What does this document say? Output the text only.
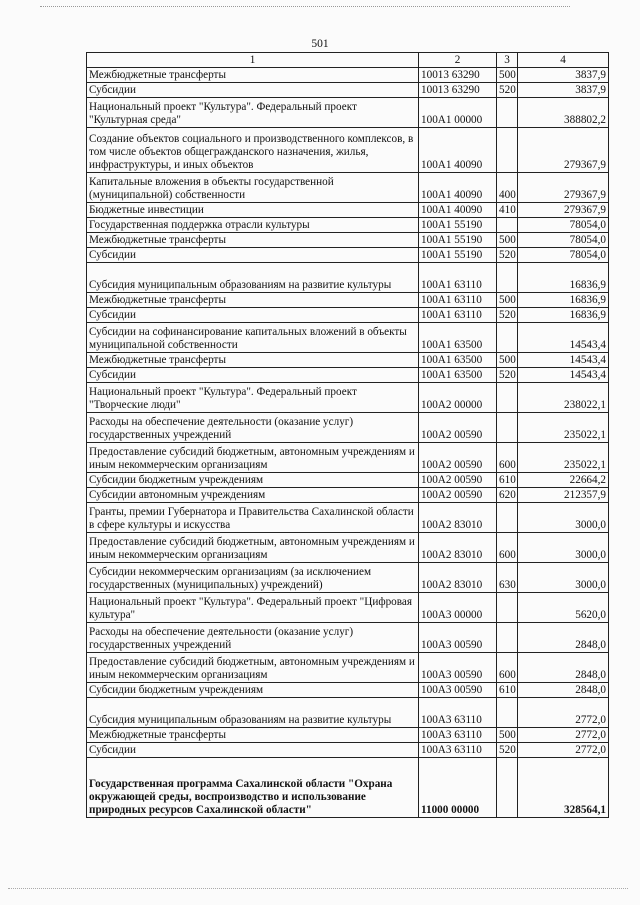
501
1	2	3	4
Межбюджетные трансферты	10013 63290	500	3837,9
Субсидии	10013 63290	520	3837,9
Национальный проект "Культура". Федеральный проект "Культурная среда"	100А1 00000		388802,2
Создание объектов социального и производственного комплексов, в том числе объектов общегражданского назначения, жилья, инфраструктуры, и иных объектов	100А1 40090		279367,9
Капитальные вложения в объекты государственной (муниципальной) собственности	100А1 40090	400	279367,9
Бюджетные инвестиции	100А1 40090	410	279367,9
Государственная поддержка отрасли культуры	100А1 55190		78054,0
Межбюджетные трансферты	100А1 55190	500	78054,0
Субсидии	100А1 55190	520	78054,0
Субсидия муниципальным образованиям на развитие культуры	100А1 63110		16836,9
Межбюджетные трансферты	100А1 63110	500	16836,9
Субсидии	100А1 63110	520	16836,9
Субсидии на софинансирование капитальных вложений в объекты муниципальной собственности	100А1 63500		14543,4
Межбюджетные трансферты	100А1 63500	500	14543,4
Субсидии	100А1 63500	520	14543,4
Национальный проект "Культура". Федеральный проект "Творческие люди"	100А2 00000		238022,1
Расходы на обеспечение деятельности (оказание услуг) государственных учреждений	100А2 00590		235022,1
Предоставление субсидий бюджетным, автономным учреждениям и иным некоммерческим организациям	100А2 00590	600	235022,1
Субсидии бюджетным учреждениям	100А2 00590	610	22664,2
Субсидии автономным учреждениям	100А2 00590	620	212357,9
Гранты, премии Губернатора и Правительства Сахалинской области в сфере культуры и искусства	100А2 83010		3000,0
Предоставление субсидий бюджетным, автономным учреждениям и иным некоммерческим организациям	100А2 83010	600	3000,0
Субсидии некоммерческим организациям (за исключением государственных (муниципальных) учреждений)	100А2 83010	630	3000,0
Национальный проект "Культура". Федеральный проект "Цифровая культура"	100А3 00000		5620,0
Расходы на обеспечение деятельности (оказание услуг) государственных учреждений	100А3 00590		2848,0
Предоставление субсидий бюджетным, автономным учреждениям и иным некоммерческим организациям	100А3 00590	600	2848,0
Субсидии бюджетным учреждениям	100А3 00590	610	2848,0
Субсидия муниципальным образованиям на развитие культуры	100А3 63110		2772,0
Межбюджетные трансферты	100А3 63110	500	2772,0
Субсидии	100А3 63110	520	2772,0
Государственная программа Сахалинской области "Охрана окружающей среды, воспроизводство и использование природных ресурсов Сахалинской области"	11000 00000		328564,1
